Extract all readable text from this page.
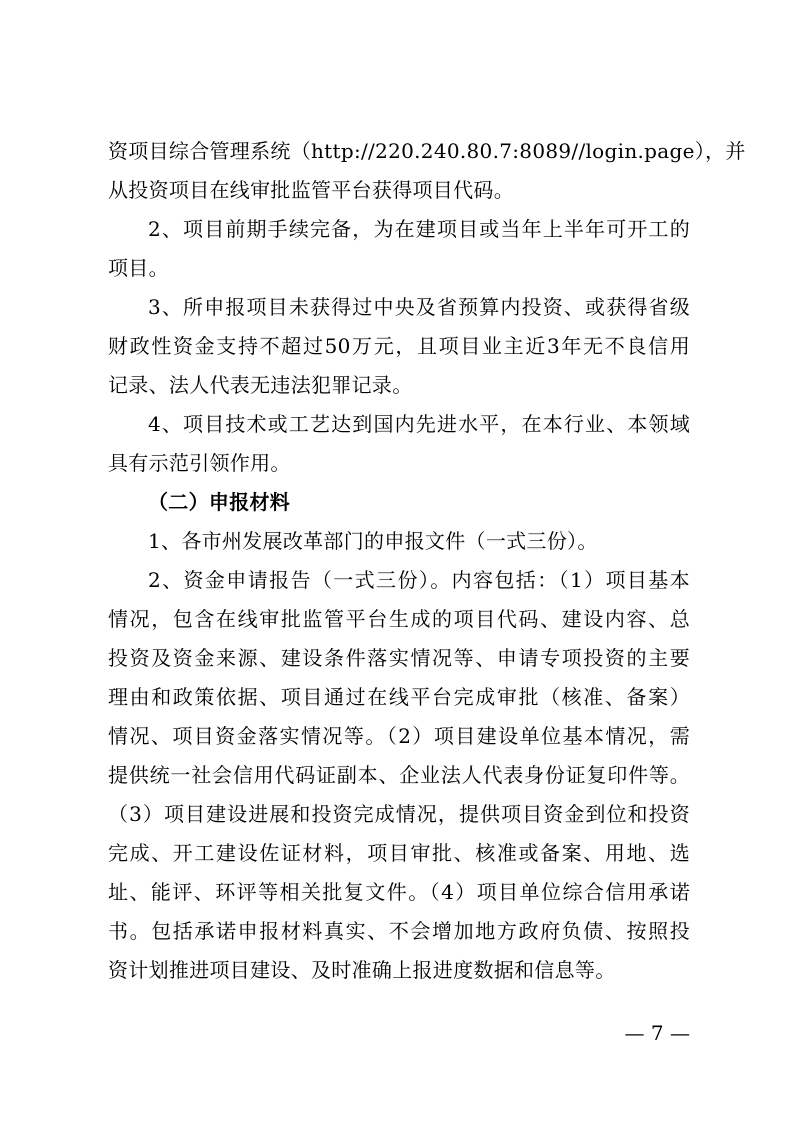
资项目综合管理系统（http://220.240.80.7:8089//login.page），并
从投资项目在线审批监管平台获得项目代码。
2、项目前期手续完备，为在建项目或当年上半年可开工的
项目。
3、所申报项目未获得过中央及省预算内投资、或获得省级
财政性资金支持不超过50万元，且项目业主近3年无不良信用
记录、法人代表无违法犯罪记录。
4、项目技术或工艺达到国内先进水平，在本行业、本领域
具有示范引领作用。
（二）申报材料
1、各市州发展改革部门的申报文件（一式三份）。
2、资金申请报告（一式三份）。内容包括：（1）项目基本
情况，包含在线审批监管平台生成的项目代码、建设内容、总
投资及资金来源、建设条件落实情况等、申请专项投资的主要
理由和政策依据、项目通过在线平台完成审批（核准、备案）
情况、项目资金落实情况等。（2）项目建设单位基本情况，需
提供统一社会信用代码证副本、企业法人代表身份证复印件等。
（3）项目建设进展和投资完成情况，提供项目资金到位和投资
完成、开工建设佐证材料，项目审批、核准或备案、用地、选
址、能评、环评等相关批复文件。（4）项目单位综合信用承诺
书。包括承诺申报材料真实、不会增加地方政府负债、按照投
资计划推进项目建设、及时准确上报进度数据和信息等。
— 7 —
